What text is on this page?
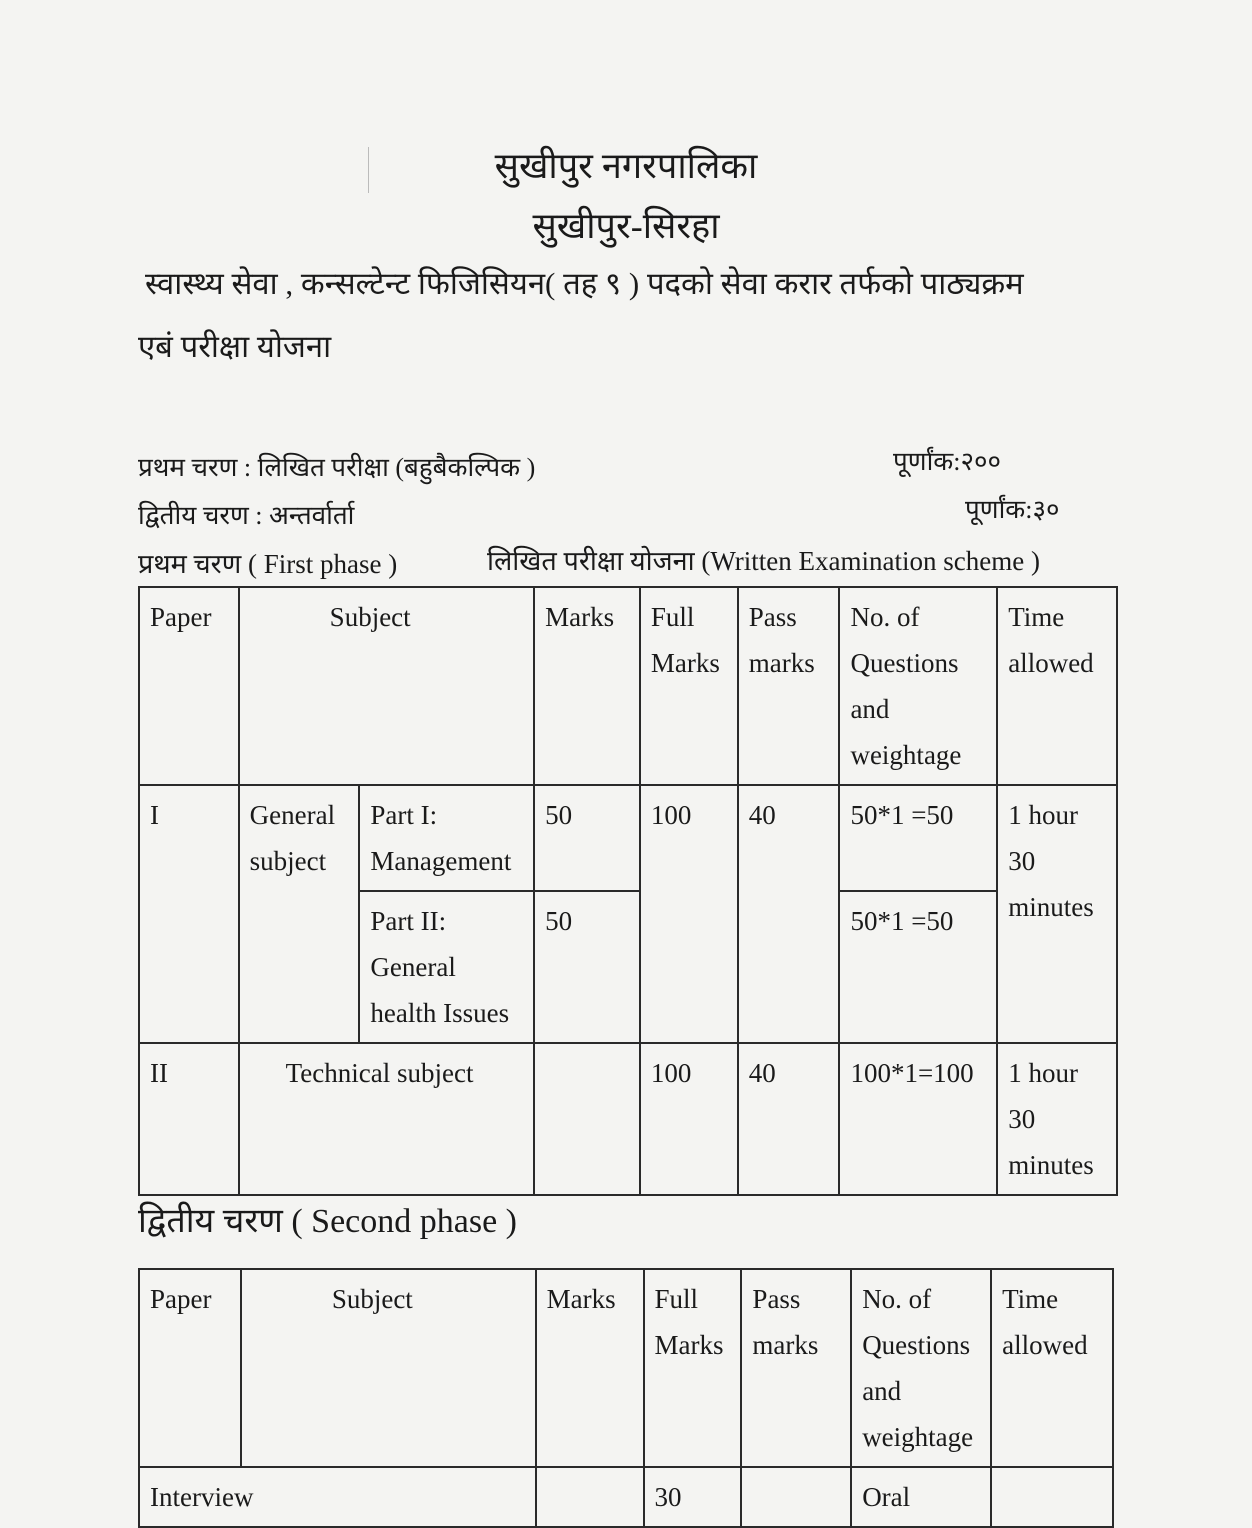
सुखीपुर नगरपालिका
सुखीपुर-सिरहा
स्वास्थ्य सेवा , कन्सल्टेन्ट फिजिसियन( तह ९ ) पदको सेवा करार तर्फको पाठ्यक्रम
एबं परीक्षा योजना
प्रथम चरण : लिखित परीक्षा (बहुबैकल्पिक )	पूर्णांक:२००
द्वितीय चरण : अन्तर्वार्ता	पूर्णांक:३०
प्रथम चरण ( First phase )	लिखित परीक्षा योजना (Written Examination scheme )
Paper	Subject		Marks	Full Marks	Pass marks	No. of Questions and weightage	Time allowed
I	General subject	Part I: Management	50	100	40	50*1 =50	1 hour 30 minutes
		Part II: General health Issues	50			50*1 =50	
II	Technical subject			100	40	100*1=100	1 hour 30 minutes
द्वितीय चरण ( Second phase )
Paper	Subject	Marks	Full Marks	Pass marks	No. of Questions and weightage	Time allowed
Interview			30		Oral	
